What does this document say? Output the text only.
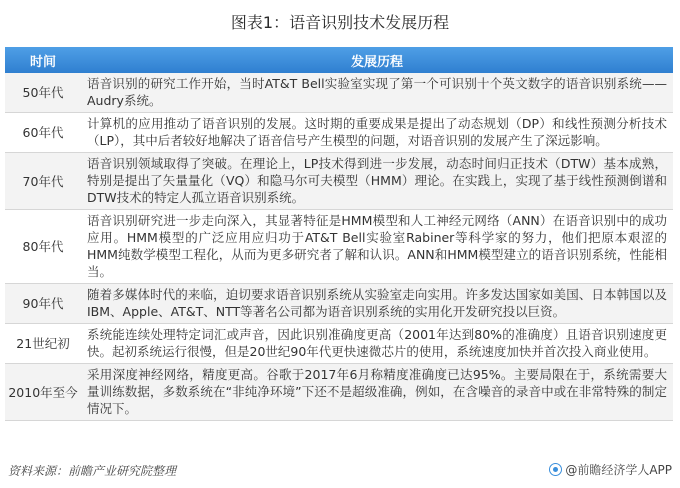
图表1：语音识别技术发展历程
时间	发展历程
50年代	语音识别的研究工作开始，当时AT&T Bell实验室实现了第一个可识别十个英文数字的语音识别系统——Audry系统。
60年代	计算机的应用推动了语音识别的发展。这时期的重要成果是提出了动态规划（DP）和线性预测分析技术（LP），其中后者较好地解决了语音信号产生模型的问题，对语音识别的发展产生了深远影响。
70年代	语音识别领域取得了突破。在理论上，LP技术得到进一步发展，动态时间归正技术（DTW）基本成熟，特别是提出了矢量量化（VQ）和隐马尔可夫模型（HMM）理论。在实践上，实现了基于线性预测倒谱和DTW技术的特定人孤立语音识别系统。
80年代	语音识别研究进一步走向深入，其显著特征是HMM模型和人工神经元网络（ANN）在语音识别中的成功应用。HMM模型的广泛应用应归功于AT&T Bell实验室Rabiner等科学家的努力，他们把原本艰涩的HMM纯数学模型工程化，从而为更多研究者了解和认识。ANN和HMM模型建立的语音识别系统，性能相当。
90年代	随着多媒体时代的来临，迫切要求语音识别系统从实验室走向实用。许多发达国家如美国、日本韩国以及IBM、Apple、AT&T、NTT等著名公司都为语音识别系统的实用化开发研究投以巨资。
21世纪初	系统能连续处理特定词汇或声音，因此识别准确度更高（2001年达到80%的准确度）且语音识别速度更快。起初系统运行很慢，但是20世纪90年代更快速微芯片的使用，系统速度加快并首次投入商业使用。
2010年至今	采用深度神经网络，精度更高。谷歌于2017年6月称精度准确度已达95%。主要局限在于，系统需要大量训练数据，多数系统在“非纯净环境”下还不是超级准确，例如，在含噪音的录音中或在非常特殊的制定情况下。
资料来源：前瞻产业研究院整理	@前瞻经济学人APP
